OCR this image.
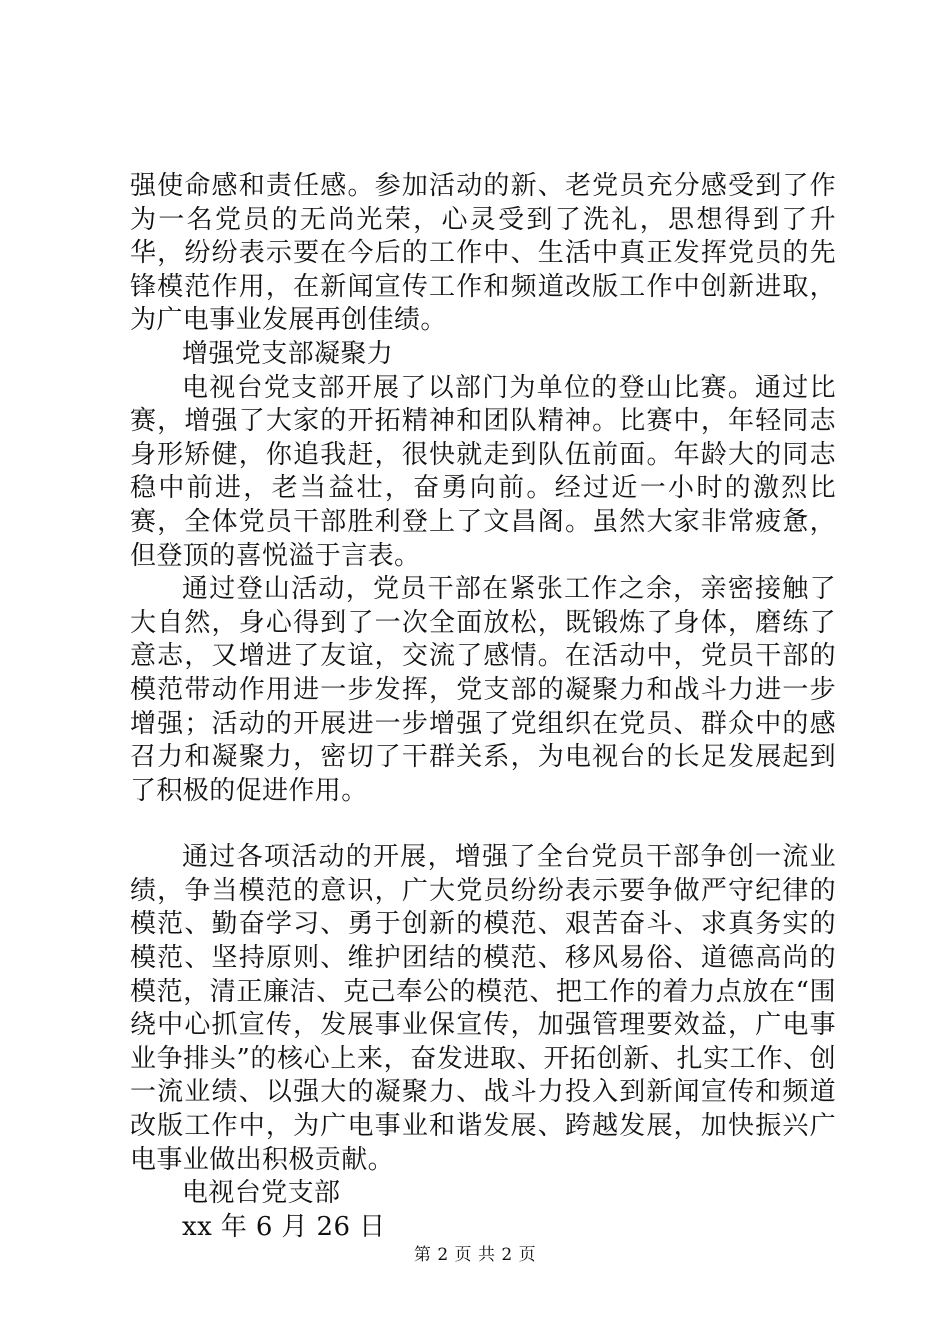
强使命感和责任感。参加活动的新、老党员充分感受到了作为一名党员的无尚光荣，心灵受到了洗礼，思想得到了升华，纷纷表示要在今后的工作中、生活中真正发挥党员的先锋模范作用，在新闻宣传工作和频道改版工作中创新进取，为广电事业发展再创佳绩。

增强党支部凝聚力

电视台党支部开展了以部门为单位的登山比赛。通过比赛，增强了大家的开拓精神和团队精神。比赛中，年轻同志身形矫健，你追我赶，很快就走到队伍前面。年龄大的同志稳中前进，老当益壮，奋勇向前。经过近一小时的激烈比赛，全体党员干部胜利登上了文昌阁。虽然大家非常疲惫，但登顶的喜悦溢于言表。

通过登山活动，党员干部在紧张工作之余，亲密接触了大自然，身心得到了一次全面放松，既锻炼了身体，磨练了意志，又增进了友谊，交流了感情。在活动中，党员干部的模范带动作用进一步发挥，党支部的凝聚力和战斗力进一步增强；活动的开展进一步增强了党组织在党员、群众中的感召力和凝聚力，密切了干群关系，为电视台的长足发展起到了积极的促进作用。

通过各项活动的开展，增强了全台党员干部争创一流业绩，争当模范的意识，广大党员纷纷表示要争做严守纪律的模范、勤奋学习、勇于创新的模范、艰苦奋斗、求真务实的模范、坚持原则、维护团结的模范、移风易俗、道德高尚的模范，清正廉洁、克己奉公的模范、把工作的着力点放在“围绕中心抓宣传，发展事业保宣传，加强管理要效益，广电事业争排头”的核心上来，奋发进取、开拓创新、扎实工作、创一流业绩、以强大的凝聚力、战斗力投入到新闻宣传和频道改版工作中，为广电事业和谐发展、跨越发展，加快振兴广电事业做出积极贡献。

电视台党支部

xx 年 6 月 26 日

第 2 页 共 2 页
